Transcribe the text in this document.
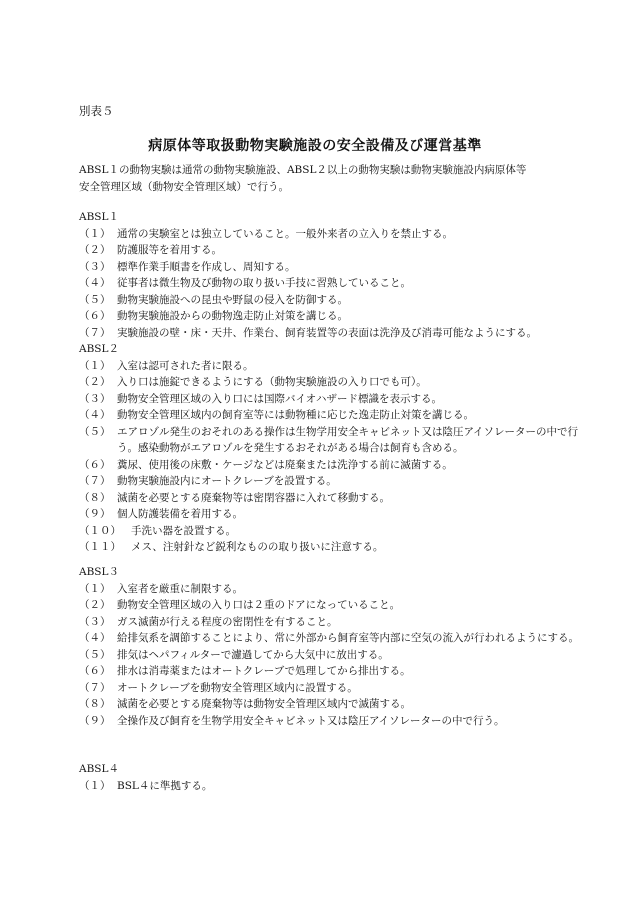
別表５
病原体等取扱動物実験施設の安全設備及び運営基準

ABSL１の動物実験は通常の動物実験施設、ABSL２以上の動物実験は動物実験施設内病原体等

安全管理区域（動物安全管理区域）で行う。

ABSL１
（１） 通常の実験室とは独立していること。一般外来者の立入りを禁止する。
（２） 防護服等を着用する。
（３） 標準作業手順書を作成し、周知する。
（４） 従事者は微生物及び動物の取り扱い手技に習熟していること。
（５） 動物実験施設への昆虫や野鼠の侵入を防御する。
（６） 動物実験施設からの動物逸走防止対策を講じる。
（７） 実験施設の壁・床・天井、作業台、飼育装置等の表面は洗浄及び消毒可能なようにする。
ABSL２
（１） 入室は認可された者に限る。
（２） 入り口は施錠できるようにする（動物実験施設の入り口でも可）。
（３） 動物安全管理区域の入り口には国際バイオハザード標識を表示する。
（４） 動物安全管理区域内の飼育室等には動物種に応じた逸走防止対策を講じる。
（５） エアロゾル発生のおそれのある操作は生物学用安全キャビネット又は陰圧アイソレーターの中で行う。感染動物がエアロゾルを発生するおそれがある場合は飼育も含める。
（６） 糞尿、使用後の床敷・ケージなどは廃棄または洗浄する前に滅菌する。
（７） 動物実験施設内にオートクレーブを設置する。
（８） 滅菌を必要とする廃棄物等は密閉容器に入れて移動する。
（９） 個人防護装備を着用する。
（１０） 手洗い器を設置する。
（１１） メス、注射針など鋭利なものの取り扱いに注意する。
ABSL３
（１） 入室者を厳重に制限する。
（２） 動物安全管理区域の入り口は２重のドアになっていること。
（３） ガス滅菌が行える程度の密閉性を有すること。
（４） 給排気系を調節することにより、常に外部から飼育室等内部に空気の流入が行われるようにする。
（５） 排気はヘパフィルターで濾過してから大気中に放出する。
（６） 排水は消毒薬またはオートクレーブで処理してから排出する。
（７） オートクレーブを動物安全管理区域内に設置する。
（８） 滅菌を必要とする廃棄物等は動物安全管理区域内で滅菌する。
（９） 全操作及び飼育を生物学用安全キャビネット又は陰圧アイソレーターの中で行う。
ABSL４
（１） BSL４に準拠する。
